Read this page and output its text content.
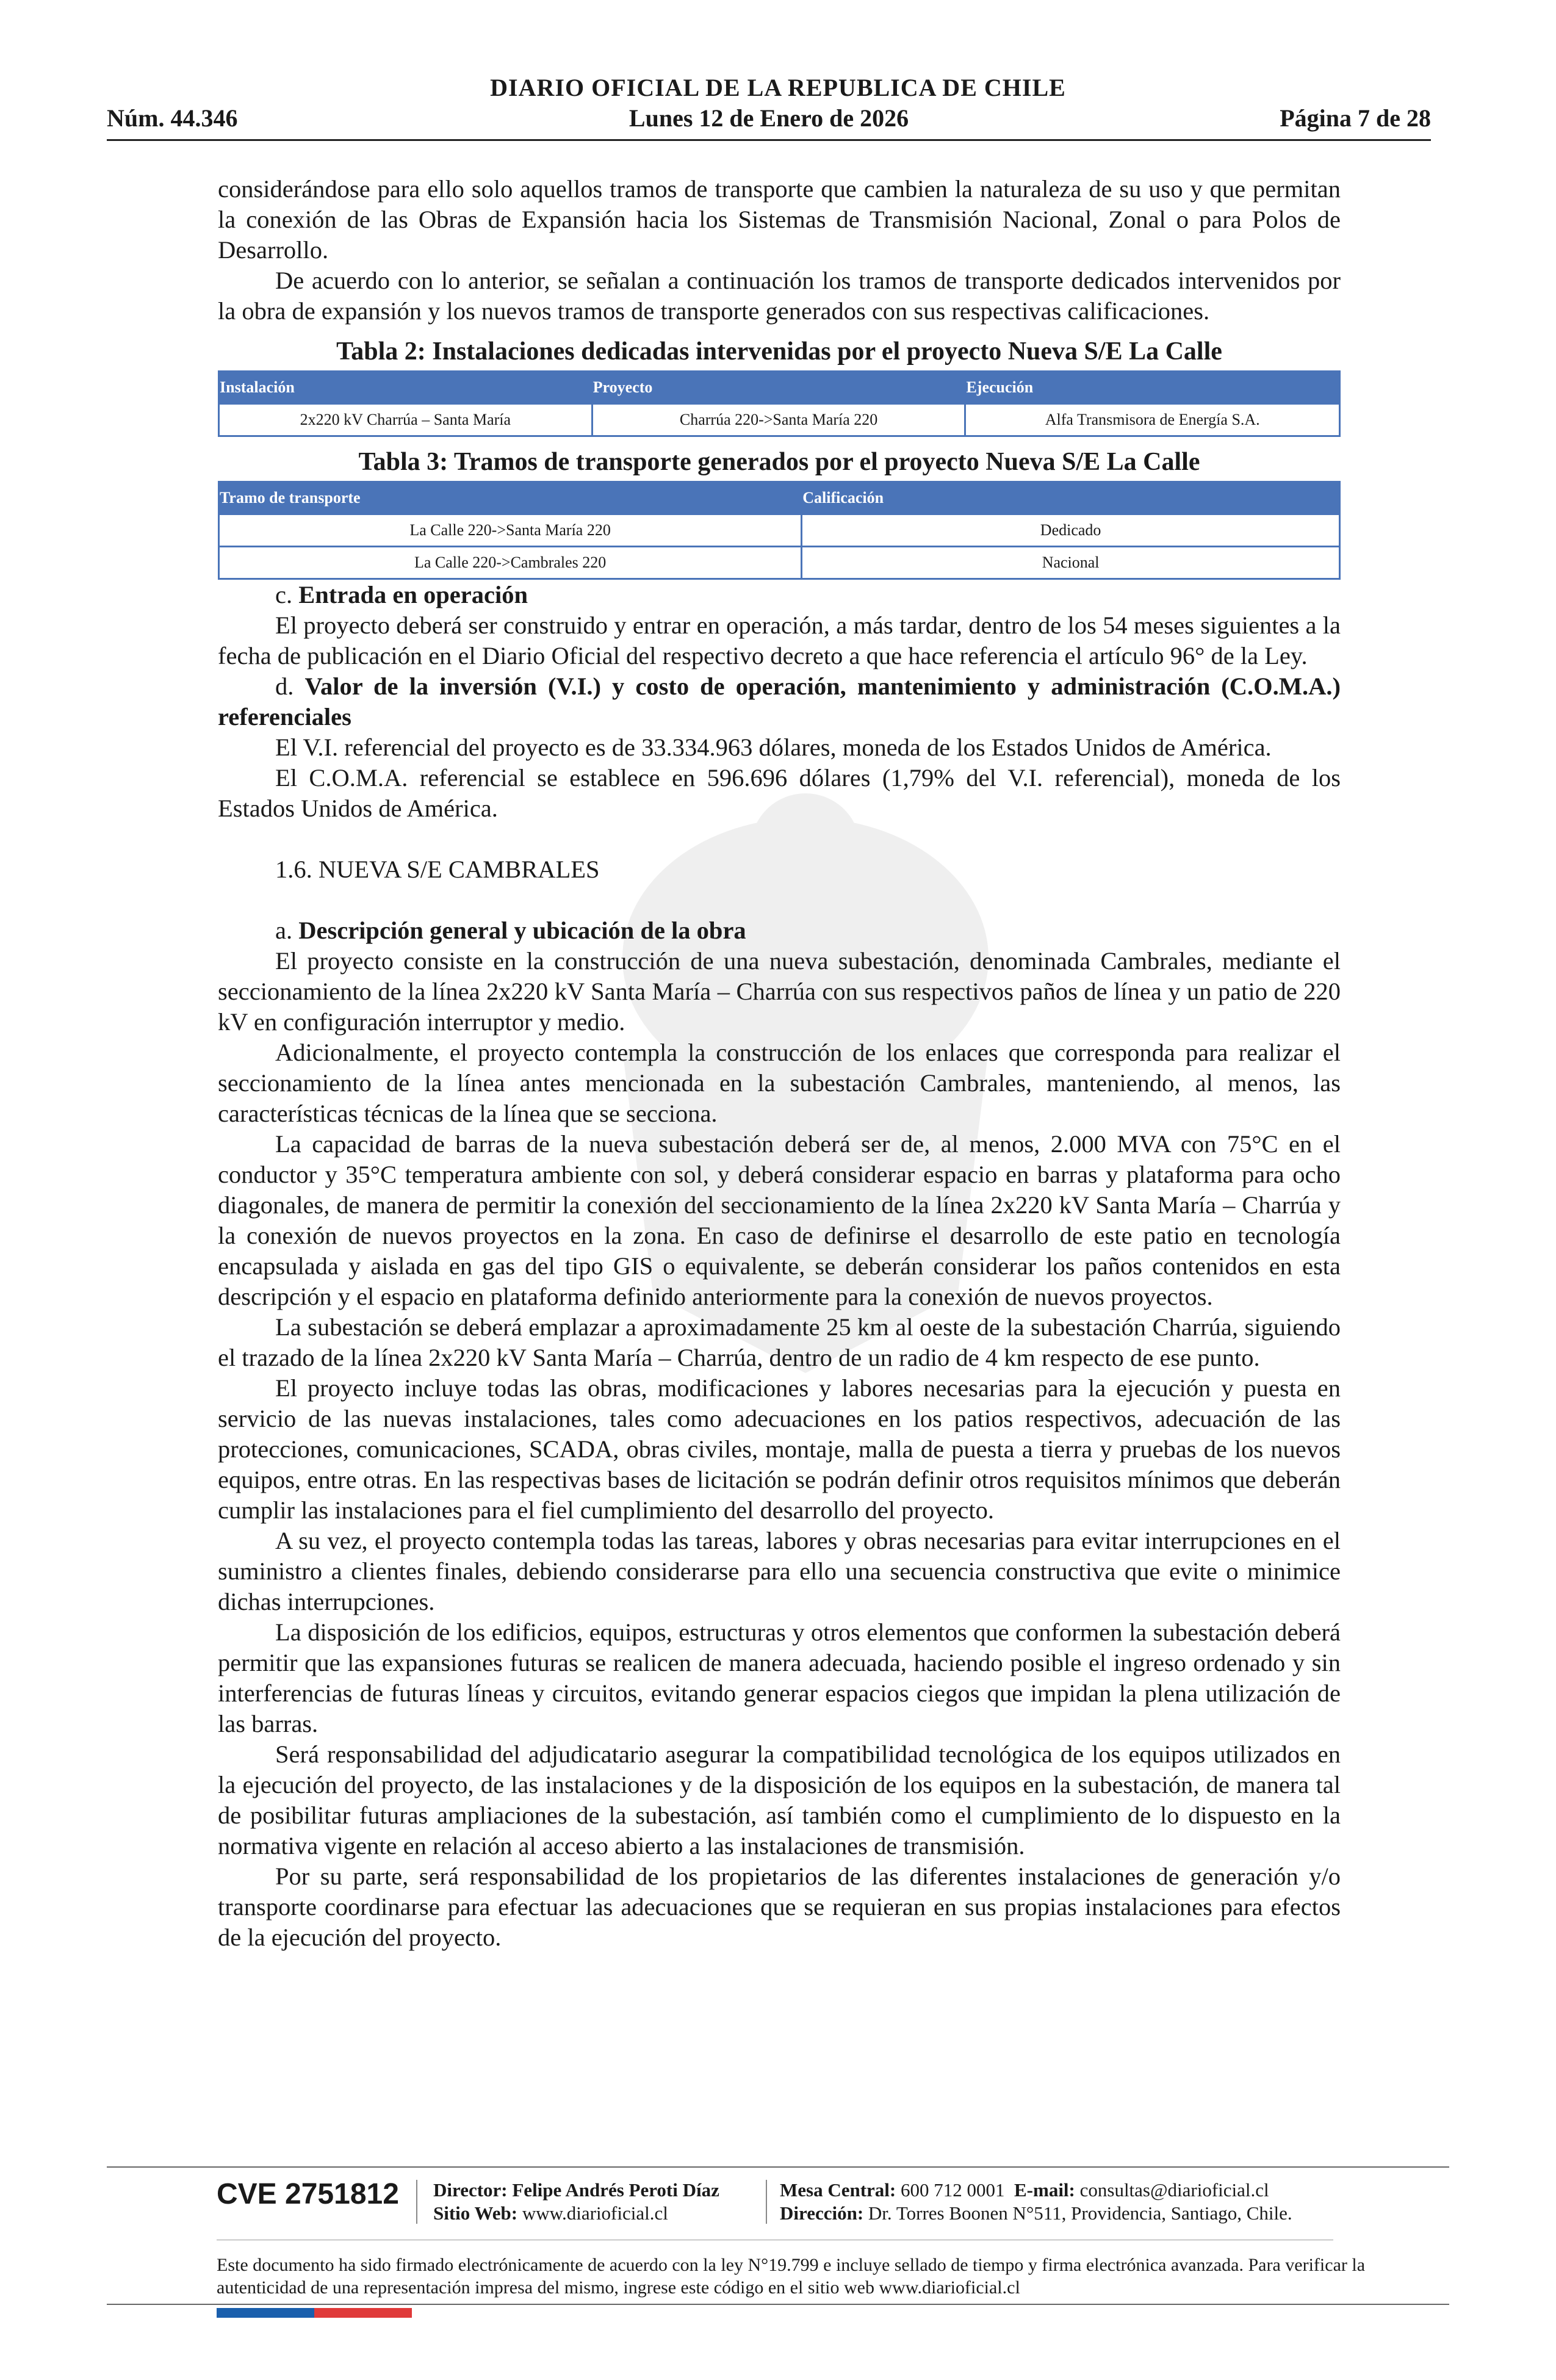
DIARIO OFICIAL DE LA REPUBLICA DE CHILE
Núm. 44.346	Lunes 12 de Enero de 2026	Página 7 de 28

considerándose para ello solo aquellos tramos de transporte que cambien la naturaleza de su uso y que permitan la conexión de las Obras de Expansión hacia los Sistemas de Transmisión Nacional, Zonal o para Polos de Desarrollo.

De acuerdo con lo anterior, se señalan a continuación los tramos de transporte dedicados intervenidos por la obra de expansión y los nuevos tramos de transporte generados con sus respectivas calificaciones.

Tabla 2: Instalaciones dedicadas intervenidas por el proyecto Nueva S/E La Calle

Instalación	Proyecto	Ejecución
2x220 kV Charrúa – Santa María	Charrúa 220->Santa María 220	Alfa Transmisora de Energía S.A.

Tabla 3: Tramos de transporte generados por el proyecto Nueva S/E La Calle

Tramo de transporte	Calificación
La Calle 220->Santa María 220	Dedicado
La Calle 220->Cambrales 220	Nacional

c. Entrada en operación

El proyecto deberá ser construido y entrar en operación, a más tardar, dentro de los 54 meses siguientes a la fecha de publicación en el Diario Oficial del respectivo decreto a que hace referencia el artículo 96° de la Ley.

d. Valor de la inversión (V.I.) y costo de operación, mantenimiento y administración (C.O.M.A.) referenciales

El V.I. referencial del proyecto es de 33.334.963 dólares, moneda de los Estados Unidos de América.

El C.O.M.A. referencial se establece en 596.696 dólares (1,79% del V.I. referencial), moneda de los Estados Unidos de América.

1.6. NUEVA S/E CAMBRALES

a. Descripción general y ubicación de la obra

El proyecto consiste en la construcción de una nueva subestación, denominada Cambrales, mediante el seccionamiento de la línea 2x220 kV Santa María – Charrúa con sus respectivos paños de línea y un patio de 220 kV en configuración interruptor y medio.

Adicionalmente, el proyecto contempla la construcción de los enlaces que corresponda para realizar el seccionamiento de la línea antes mencionada en la subestación Cambrales, manteniendo, al menos, las características técnicas de la línea que se secciona.

La capacidad de barras de la nueva subestación deberá ser de, al menos, 2.000 MVA con 75°C en el conductor y 35°C temperatura ambiente con sol, y deberá considerar espacio en barras y plataforma para ocho diagonales, de manera de permitir la conexión del seccionamiento de la línea 2x220 kV Santa María – Charrúa y la conexión de nuevos proyectos en la zona. En caso de definirse el desarrollo de este patio en tecnología encapsulada y aislada en gas del tipo GIS o equivalente, se deberán considerar los paños contenidos en esta descripción y el espacio en plataforma definido anteriormente para la conexión de nuevos proyectos.

La subestación se deberá emplazar a aproximadamente 25 km al oeste de la subestación Charrúa, siguiendo el trazado de la línea 2x220 kV Santa María – Charrúa, dentro de un radio de 4 km respecto de ese punto.

El proyecto incluye todas las obras, modificaciones y labores necesarias para la ejecución y puesta en servicio de las nuevas instalaciones, tales como adecuaciones en los patios respectivos, adecuación de las protecciones, comunicaciones, SCADA, obras civiles, montaje, malla de puesta a tierra y pruebas de los nuevos equipos, entre otras. En las respectivas bases de licitación se podrán definir otros requisitos mínimos que deberán cumplir las instalaciones para el fiel cumplimiento del desarrollo del proyecto.

A su vez, el proyecto contempla todas las tareas, labores y obras necesarias para evitar interrupciones en el suministro a clientes finales, debiendo considerarse para ello una secuencia constructiva que evite o minimice dichas interrupciones.

La disposición de los edificios, equipos, estructuras y otros elementos que conformen la subestación deberá permitir que las expansiones futuras se realicen de manera adecuada, haciendo posible el ingreso ordenado y sin interferencias de futuras líneas y circuitos, evitando generar espacios ciegos que impidan la plena utilización de las barras.

Será responsabilidad del adjudicatario asegurar la compatibilidad tecnológica de los equipos utilizados en la ejecución del proyecto, de las instalaciones y de la disposición de los equipos en la subestación, de manera tal de posibilitar futuras ampliaciones de la subestación, así también como el cumplimiento de lo dispuesto en la normativa vigente en relación al acceso abierto a las instalaciones de transmisión.

Por su parte, será responsabilidad de los propietarios de las diferentes instalaciones de generación y/o transporte coordinarse para efectuar las adecuaciones que se requieran en sus propias instalaciones para efectos de la ejecución del proyecto.

CVE 2751812 Director: Felipe Andrés Peroti Díaz
Sitio Web: www.diarioficial.cl
Mesa Central: 600 712 0001 E-mail: consultas@diarioficial.cl
Dirección: Dr. Torres Boonen N°511, Providencia, Santiago, Chile.
Este documento ha sido firmado electrónicamente de acuerdo con la ley N°19.799 e incluye sellado de tiempo y firma electrónica avanzada. Para verificar la autenticidad de una representación impresa del mismo, ingrese este código en el sitio web www.diarioficial.cl
